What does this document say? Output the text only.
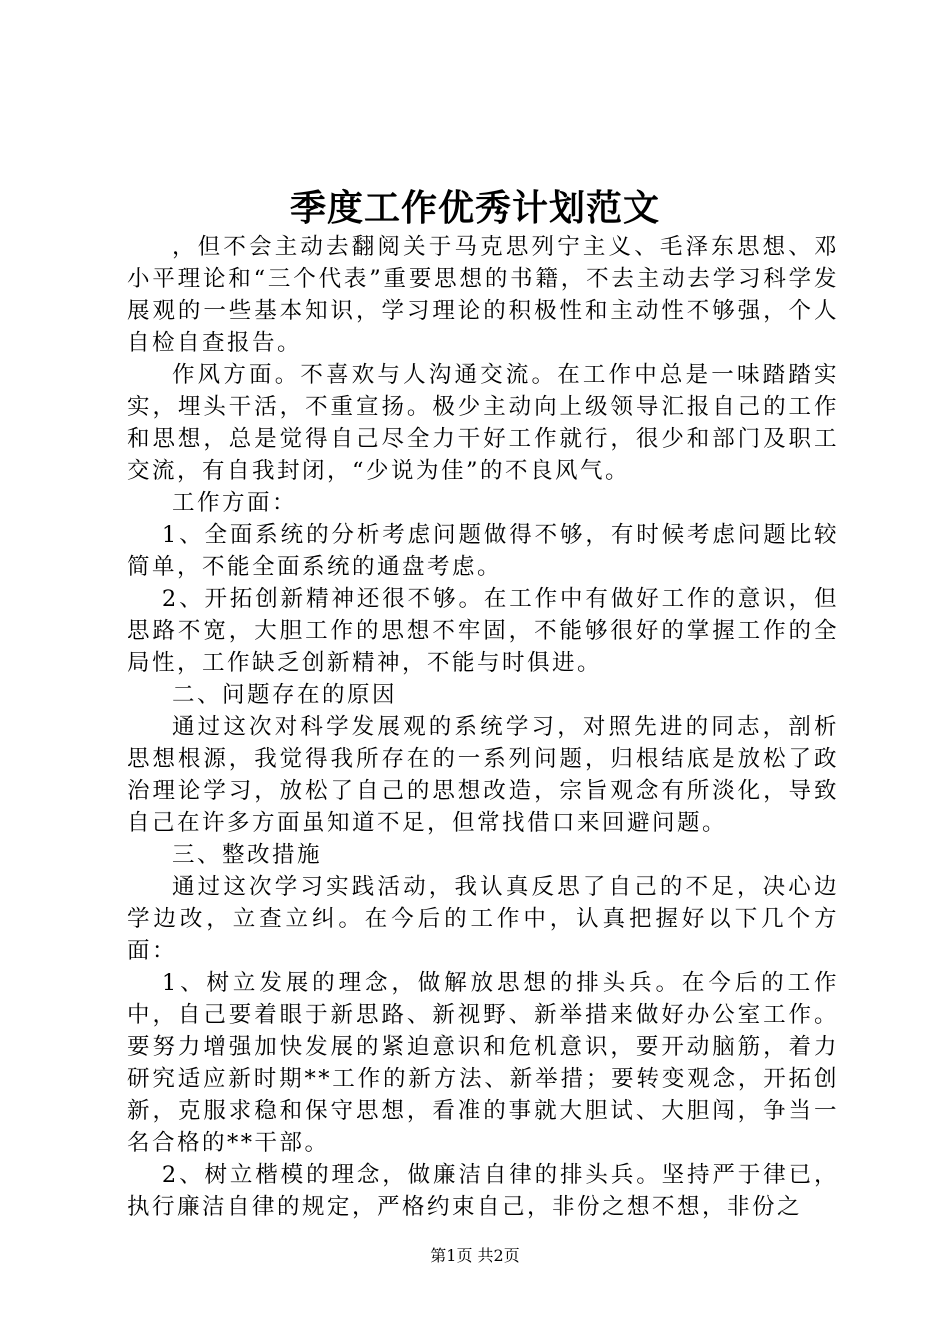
季度工作优秀计划范文

，但不会主动去翻阅关于马克思列宁主义、毛泽东思想、邓小平理论和“三个代表”重要思想的书籍，不去主动去学习科学发展观的一些基本知识，学习理论的积极性和主动性不够强，个人自检自查报告。

作风方面。不喜欢与人沟通交流。在工作中总是一味踏踏实实，埋头干活，不重宣扬。极少主动向上级领导汇报自己的工作和思想，总是觉得自己尽全力干好工作就行，很少和部门及职工交流，有自我封闭，“少说为佳”的不良风气。

工作方面：

1、全面系统的分析考虑问题做得不够，有时候考虑问题比较简单，不能全面系统的通盘考虑。

2、开拓创新精神还很不够。在工作中有做好工作的意识，但思路不宽，大胆工作的思想不牢固，不能够很好的掌握工作的全局性，工作缺乏创新精神，不能与时俱进。

二、问题存在的原因

通过这次对科学发展观的系统学习，对照先进的同志，剖析思想根源，我觉得我所存在的一系列问题，归根结底是放松了政治理论学习，放松了自己的思想改造，宗旨观念有所淡化，导致自己在许多方面虽知道不足，但常找借口来回避问题。

三、整改措施

通过这次学习实践活动，我认真反思了自己的不足，决心边学边改，立查立纠。在今后的工作中，认真把握好以下几个方面：

1、树立发展的理念，做解放思想的排头兵。在今后的工作中，自己要着眼于新思路、新视野、新举措来做好办公室工作。要努力增强加快发展的紧迫意识和危机意识，要开动脑筋，着力研究适应新时期**工作的新方法、新举措；要转变观念，开拓创新，克服求稳和保守思想，看准的事就大胆试、大胆闯，争当一名合格的**干部。

2、树立楷模的理念，做廉洁自律的排头兵。坚持严于律已，执行廉洁自律的规定，严格约束自己，非份之想不想，非份之

第1页 共2页
